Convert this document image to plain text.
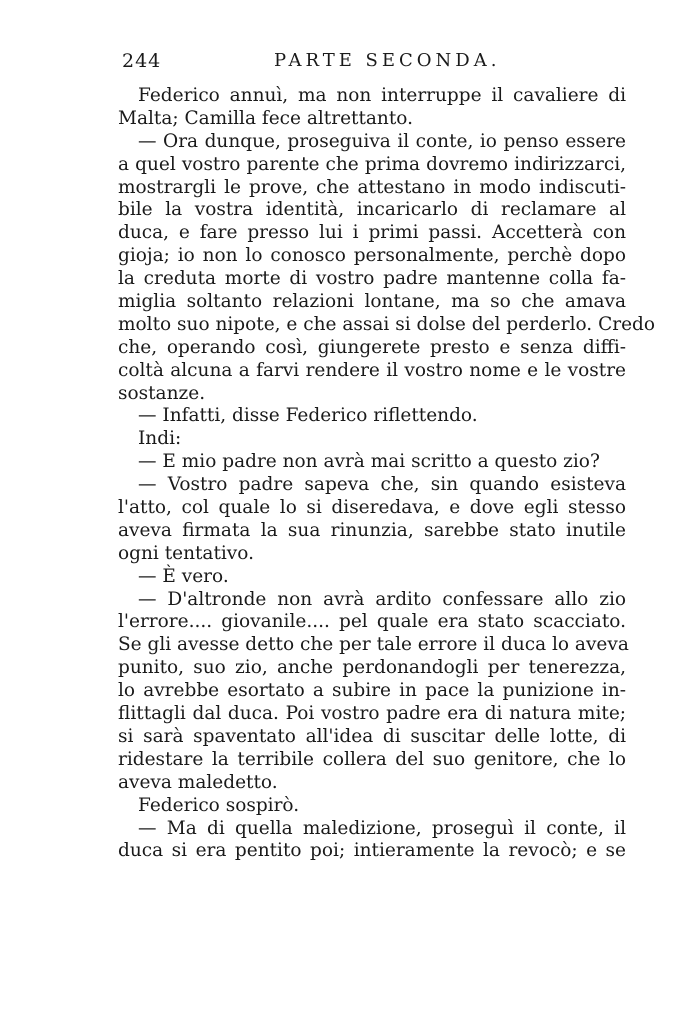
244	PARTE SECONDA.
Federico annuì, ma non interruppe il cavaliere di
Malta; Camilla fece altrettanto.
— Ora dunque, proseguiva il conte, io penso essere
a quel vostro parente che prima dovremo indirizzarci,
mostrargli le prove, che attestano in modo indiscuti-
bile la vostra identità, incaricarlo di reclamare al
duca, e fare presso lui i primi passi. Accetterà con
gioja; io non lo conosco personalmente, perchè dopo
la creduta morte di vostro padre mantenne colla fa-
miglia soltanto relazioni lontane, ma so che amava
molto suo nipote, e che assai si dolse del perderlo. Credo
che, operando così, giungerete presto e senza diffi-
coltà alcuna a farvi rendere il vostro nome e le vostre
sostanze.
— Infatti, disse Federico riflettendo.
Indi:
— E mio padre non avrà mai scritto a questo zio?
— Vostro padre sapeva che, sin quando esisteva
l'atto, col quale lo si diseredava, e dove egli stesso
aveva firmata la sua rinunzia, sarebbe stato inutile
ogni tentativo.
— È vero.
— D'altronde non avrà ardito confessare allo zio
l'errore.... giovanile.... pel quale era stato scacciato.
Se gli avesse detto che per tale errore il duca lo aveva
punito, suo zio, anche perdonandogli per tenerezza,
lo avrebbe esortato a subire in pace la punizione in-
flittagli dal duca. Poi vostro padre era di natura mite;
si sarà spaventato all'idea di suscitar delle lotte, di
ridestare la terribile collera del suo genitore, che lo
aveva maledetto.
Federico sospirò.
— Ma di quella maledizione, proseguì il conte, il
duca si era pentito poi; intieramente la revocò; e se
